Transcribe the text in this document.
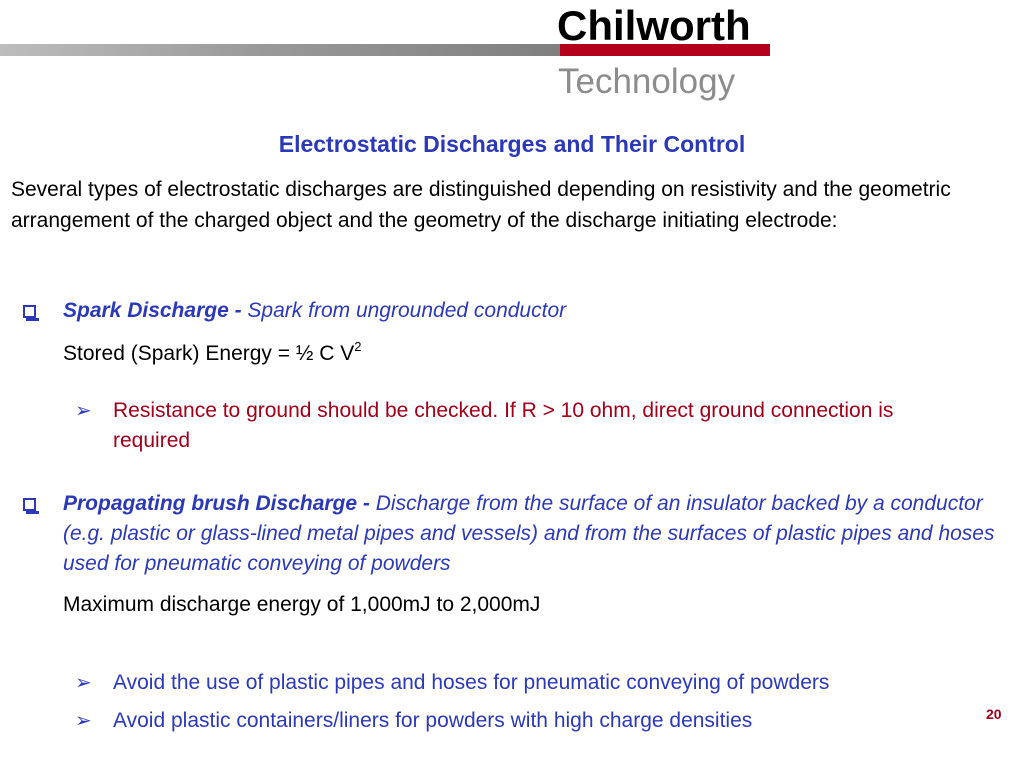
Chilworth
Technology
Electrostatic Discharges and Their Control
Several types of electrostatic discharges are distinguished depending on resistivity and the geometric arrangement of the charged object and the geometry of the discharge initiating electrode:
Spark Discharge - Spark from ungrounded conductor
Stored (Spark) Energy = ½ C $V^2$
➢ Resistance to ground should be checked. If R > 10 ohm, direct ground connection is required
Propagating brush Discharge - Discharge from the surface of an insulator backed by a conductor (e.g. plastic or glass-lined metal pipes and vessels) and from the surfaces of plastic pipes and hoses used for pneumatic conveying of powders
Maximum discharge energy of 1,000mJ to 2,000mJ
➢ Avoid the use of plastic pipes and hoses for pneumatic conveying of powders
➢ Avoid plastic containers/liners for powders with high charge densities	20
